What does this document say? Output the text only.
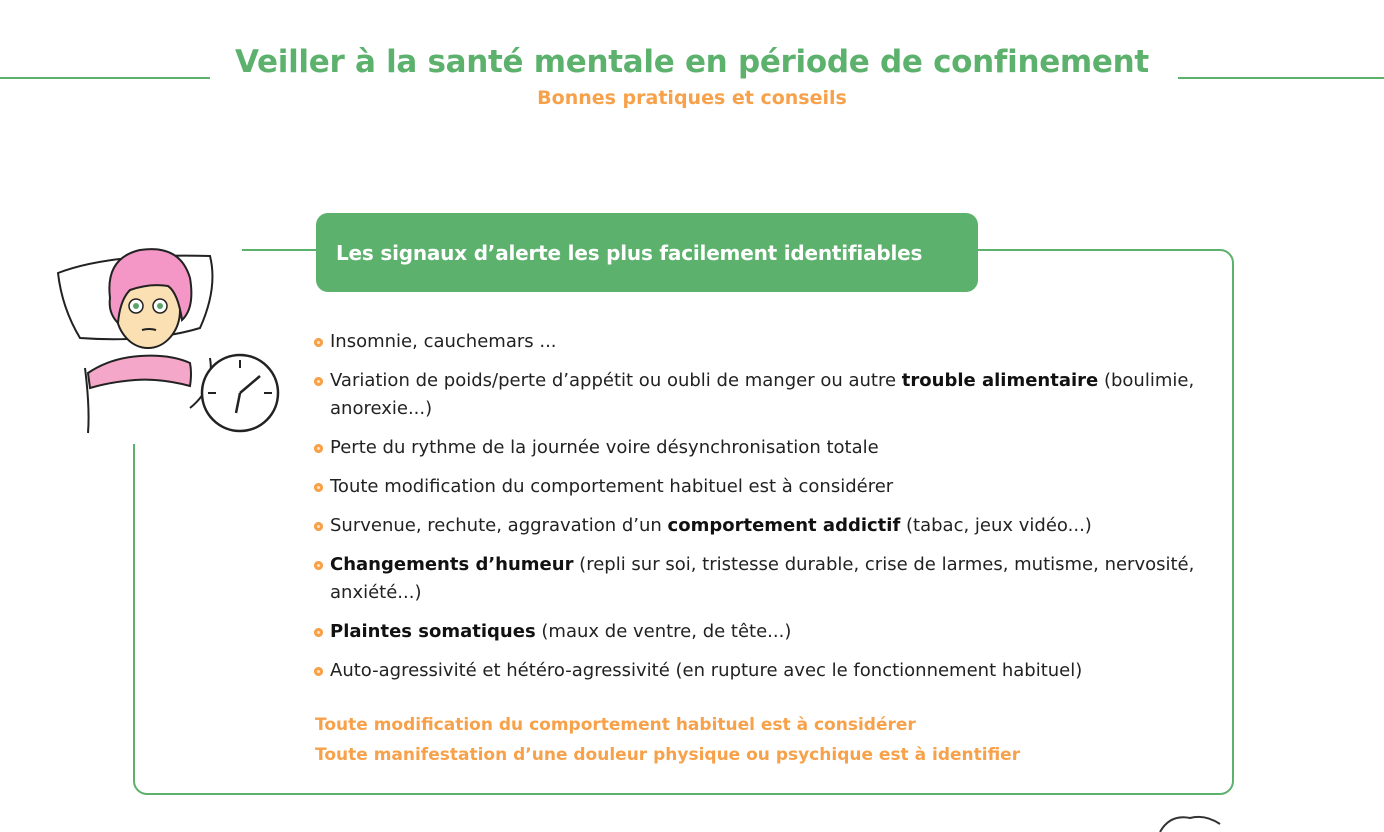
Veiller à la santé mentale en période de confinement
Bonnes pratiques et conseils
Les signaux d’alerte les plus facilement identifiables
Insomnie, cauchemars ...
Variation de poids/perte d’appétit ou oubli de manger ou autre trouble alimentaire (boulimie, anorexie...)
Perte du rythme de la journée voire désynchronisation totale
Toute modification du comportement habituel est à considérer
Survenue, rechute, aggravation d’un comportement addictif (tabac, jeux vidéo...)
Changements d’humeur (repli sur soi, tristesse durable, crise de larmes, mutisme, nervosité, anxiété...)
Plaintes somatiques (maux de ventre, de tête...)
Auto-agressivité et hétéro-agressivité (en rupture avec le fonctionnement habituel)
Toute modification du comportement habituel est à considérer
Toute manifestation d’une douleur physique ou psychique est à identifier
